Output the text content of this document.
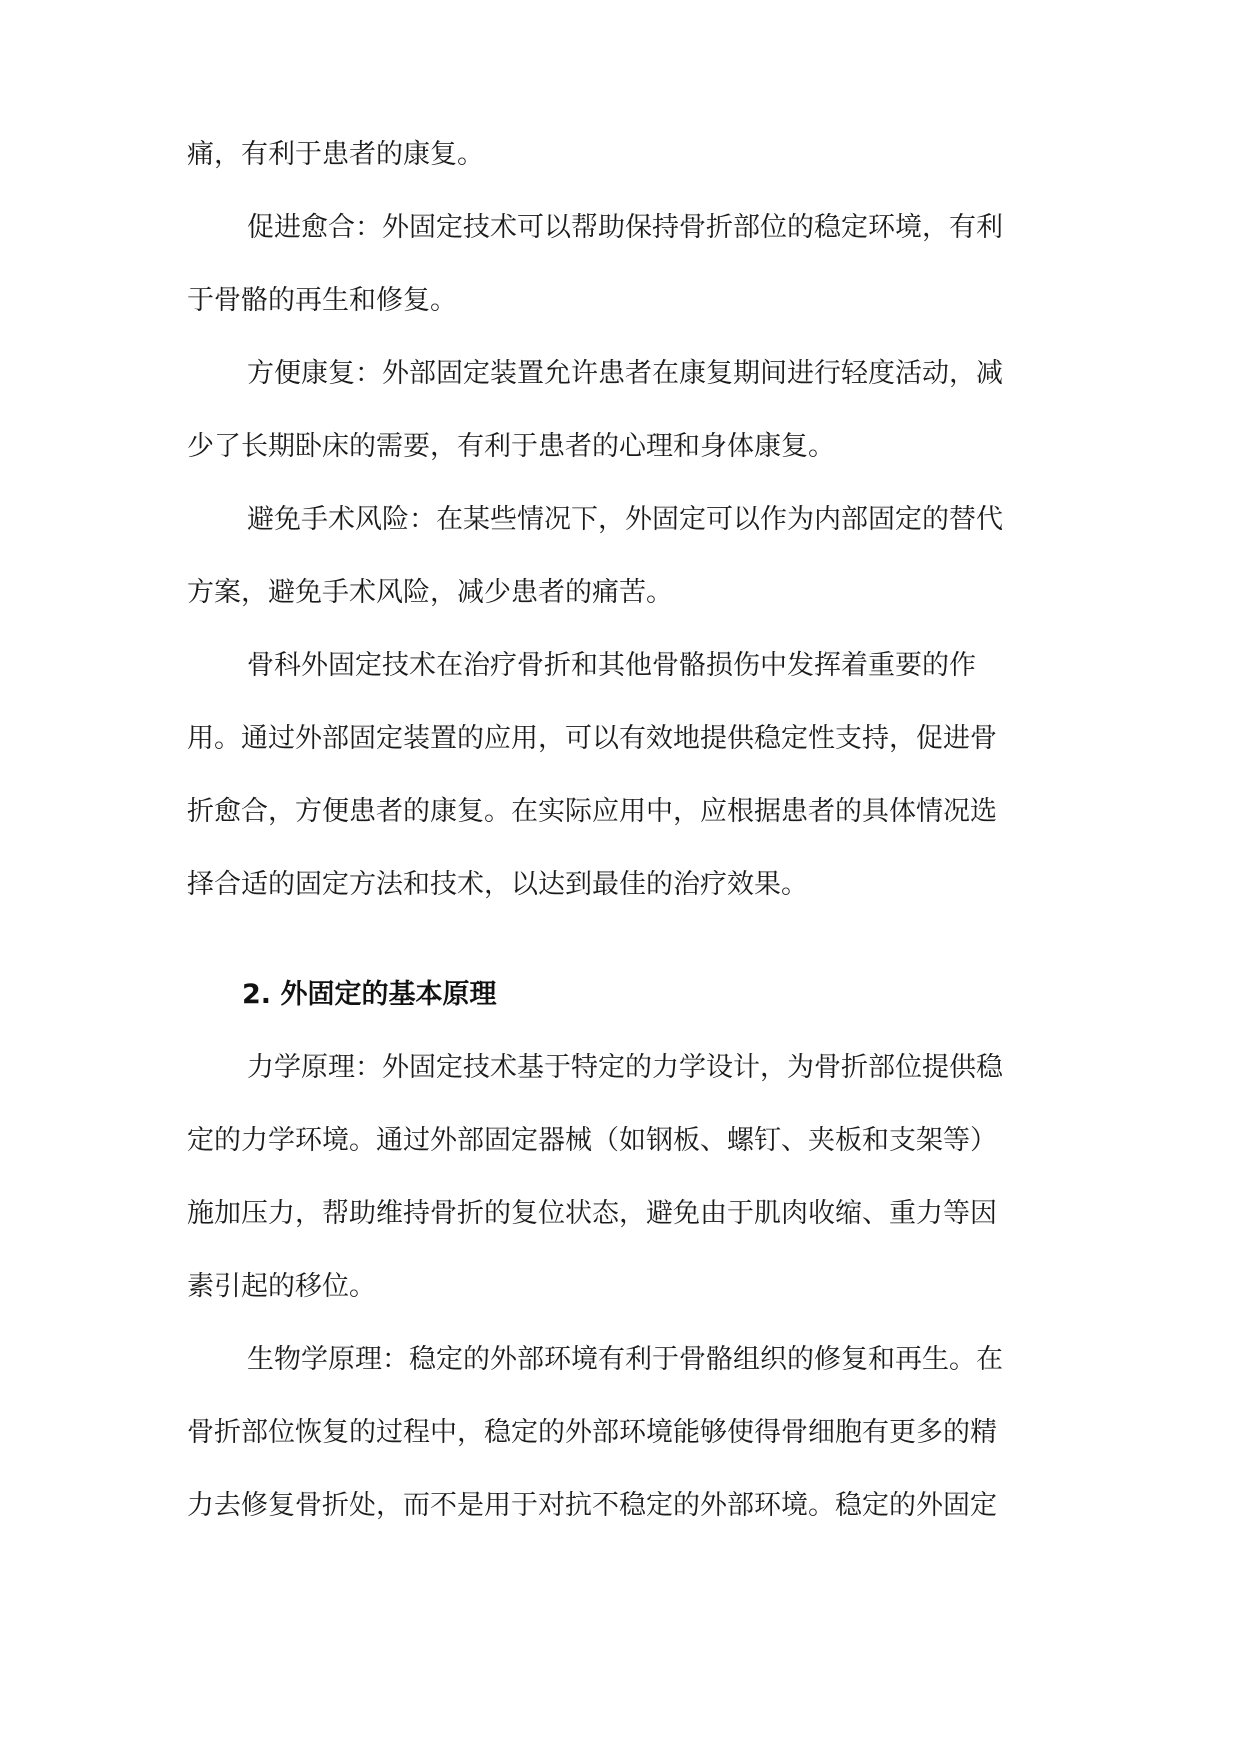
痛，有利于患者的康复。

促进愈合：外固定技术可以帮助保持骨折部位的稳定环境，有利

于骨骼的再生和修复。

方便康复：外部固定装置允许患者在康复期间进行轻度活动，减

少了长期卧床的需要，有利于患者的心理和身体康复。

避免手术风险：在某些情况下，外固定可以作为内部固定的替代

方案，避免手术风险，减少患者的痛苦。

骨科外固定技术在治疗骨折和其他骨骼损伤中发挥着重要的作

用。通过外部固定装置的应用，可以有效地提供稳定性支持，促进骨

折愈合，方便患者的康复。在实际应用中，应根据患者的具体情况选

择合适的固定方法和技术，以达到最佳的治疗效果。

2. 外固定的基本原理

力学原理：外固定技术基于特定的力学设计，为骨折部位提供稳

定的力学环境。通过外部固定器械（如钢板、螺钉、夹板和支架等）

施加压力，帮助维持骨折的复位状态，避免由于肌肉收缩、重力等因

素引起的移位。

生物学原理：稳定的外部环境有利于骨骼组织的修复和再生。在

骨折部位恢复的过程中，稳定的外部环境能够使得骨细胞有更多的精

力去修复骨折处，而不是用于对抗不稳定的外部环境。稳定的外固定
